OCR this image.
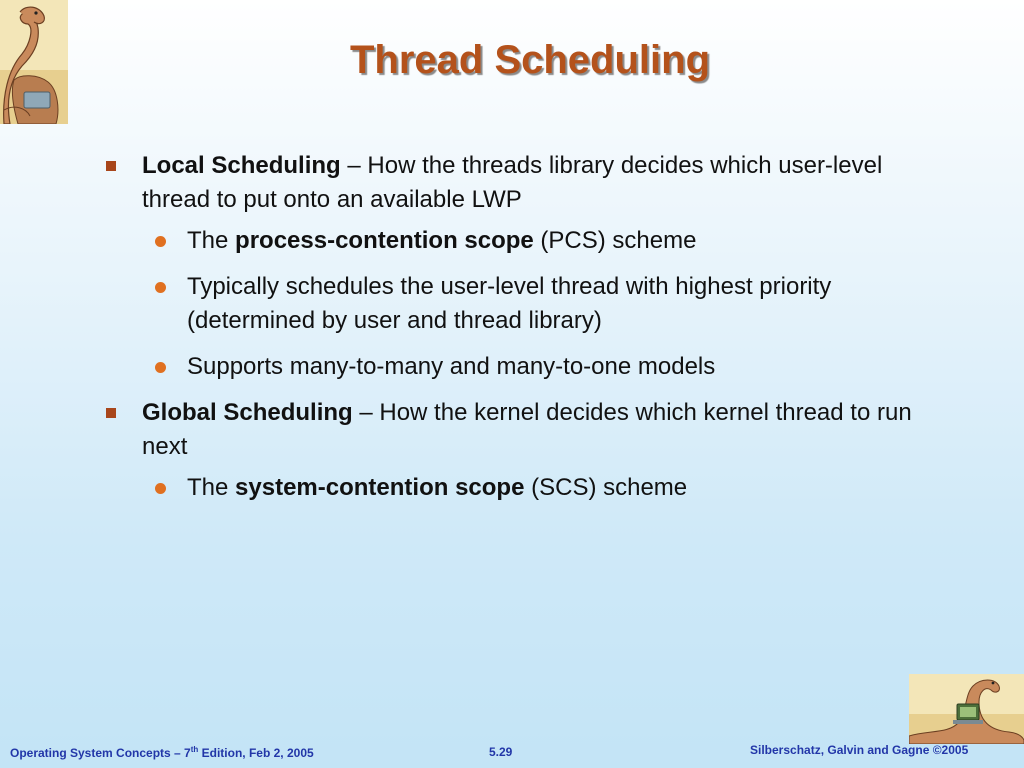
Thread Scheduling
Local Scheduling – How the threads library decides which user-level thread to put onto an available LWP
The process-contention scope (PCS) scheme
Typically schedules the user-level thread with highest priority (determined by user and thread library)
Supports many-to-many and many-to-one models
Global Scheduling – How the kernel decides which kernel thread to run next
The system-contention scope (SCS) scheme
Operating System Concepts – 7th Edition, Feb 2, 2005	5.29	Silberschatz, Galvin and Gagne ©2005
